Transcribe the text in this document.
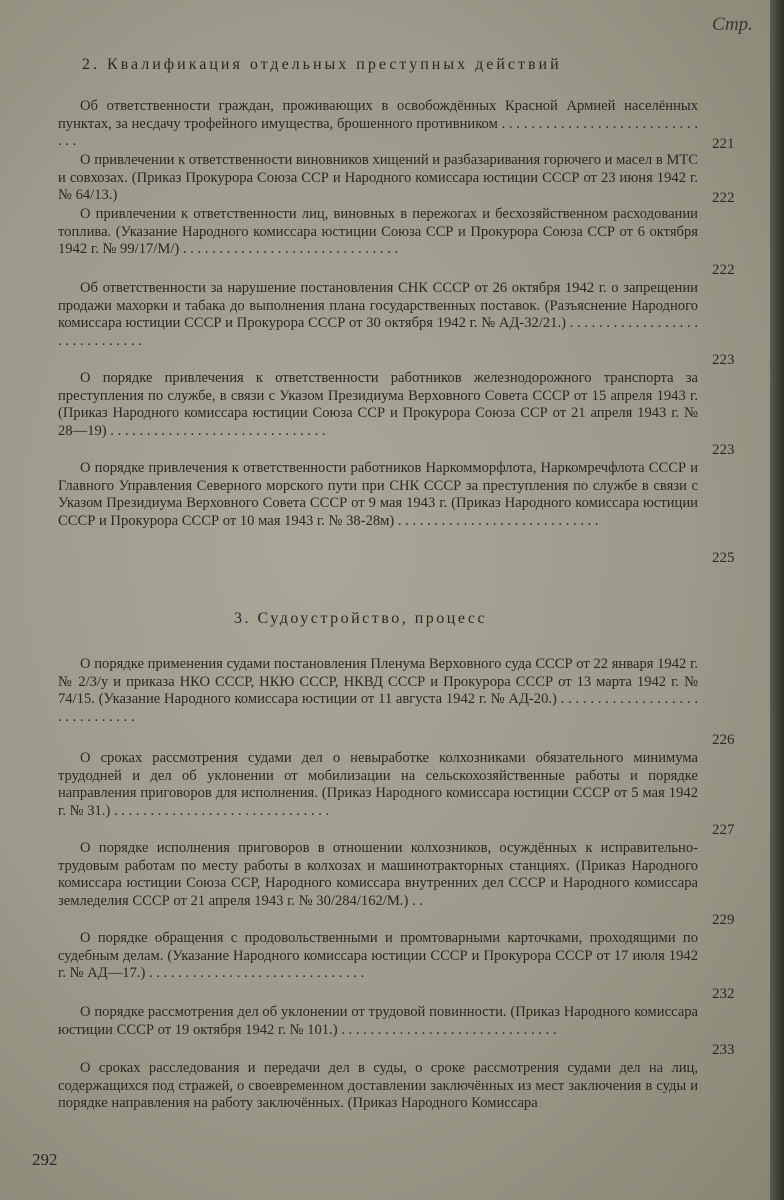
Стр.
2. Квалификация отдельных преступных действий

Об ответственности граждан, проживающих в освобождённых Красной Армией населённых пунктах, за несдачу трофейного имущества, брошенного противником . . . . . . . . . . . . . . . . . . . . . . . . . . . . . .	221

О привлечении к ответственности виновников хищений и разбазаривания горючего и масел в МТС и совхозах. (Приказ Прокурора Союза ССР и Народного комиссара юстиции СССР от 23 июня 1942 г. № 64/13.)	222

О привлечении к ответственности лиц, виновных в пережогах и бесхозяйственном расходовании топлива. (Указание Народного комиссара юстиции Союза ССР и Прокурора Союза ССР от 6 октября 1942 г. № 99/17/М/) . . . . . . . . . . . . . . . . . . . . . . . . . . . . . .

222

Об ответственности за нарушение постановления СНК СССР от 26 октября 1942 г. о запрещении продажи махорки и табака до выполнения плана государственных поставок. (Разъяснение Народного комиссара юстиции СССР и Прокурора СССР от 30 октября 1942 г. № АД-32/21.) . . . . . . . . . . . . . . . . . . . . . . . . . . . . . .

223

О порядке привлечения к ответственности работников железнодорожного транспорта за преступления по службе, в связи с Указом Президиума Верховного Совета СССР от 15 апреля 1943 г. (Приказ Народного комиссара юстиции Союза ССР и Прокурора Союза ССР от 21 апреля 1943 г. № 28—19) . . . . . . . . . . . . . . . . . . . . . . . . . . . . . .

223

О порядке привлечения к ответственности работников Наркомморфлота, Наркомречфлота СССР и Главного Управления Северного морского пути при СНК СССР за преступления по службе в связи с Указом Президиума Верховного Совета СССР от 9 мая 1943 г. (Приказ Народного комиссара юстиции СССР и Прокурора СССР от 10 мая 1943 г. № 38-28м) . . . . . . . . . . . . . . . . . . . . . . . . . . . .

225
3. Судоустройство, процесс

О порядке применения судами постановления Пленума Верховного суда СССР от 22 января 1942 г. № 2/3/у и приказа НКО СССР, НКЮ СССР, НКВД СССР и Прокурора СССР от 13 марта 1942 г. № 74/15. (Указание Народного комиссара юстиции от 11 августа 1942 г. № АД-20.) . . . . . . . . . . . . . . . . . . . . . . . . . . . . . .

226

О сроках рассмотрения судами дел о невыработке колхозниками обязательного минимума трудодней и дел об уклонении от мобилизации на сельскохозяйственные работы и порядке направления приговоров для исполнения. (Приказ Народного комиссара юстиции СССР от 5 мая 1942 г. № 31.) . . . . . . . . . . . . . . . . . . . . . . . . . . . . . .

227

О порядке исполнения приговоров в отношении колхозников, осуждённых к исправительно-трудовым работам по месту работы в колхозах и машинотракторных станциях. (Приказ Народного комиссара юстиции Союза ССР, Народного комиссара внутренних дел СССР и Народного комиссара земледелия СССР от 21 апреля 1943 г. № 30/284/162/М.) . .

229

О порядке обращения с продовольственными и промтоварными карточками, проходящими по судебным делам. (Указание Народного комиссара юстиции СССР и Прокурора СССР от 17 июля 1942 г. № АД—17.) . . . . . . . . . . . . . . . . . . . . . . . . . . . . . .

232

О порядке рассмотрения дел об уклонении от трудовой повинности. (Приказ Народного комиссара юстиции СССР от 19 октября 1942 г. № 101.) . . . . . . . . . . . . . . . . . . . . . . . . . . . . . .

233

О сроках расследования и передачи дел в суды, о сроке рассмотрения судами дел на лиц, содержащихся под стражей, о своевременном доставлении заключённых из мест заключения в суды и порядке направления на работу заключённых. (Приказ Народного Комиссара

292
